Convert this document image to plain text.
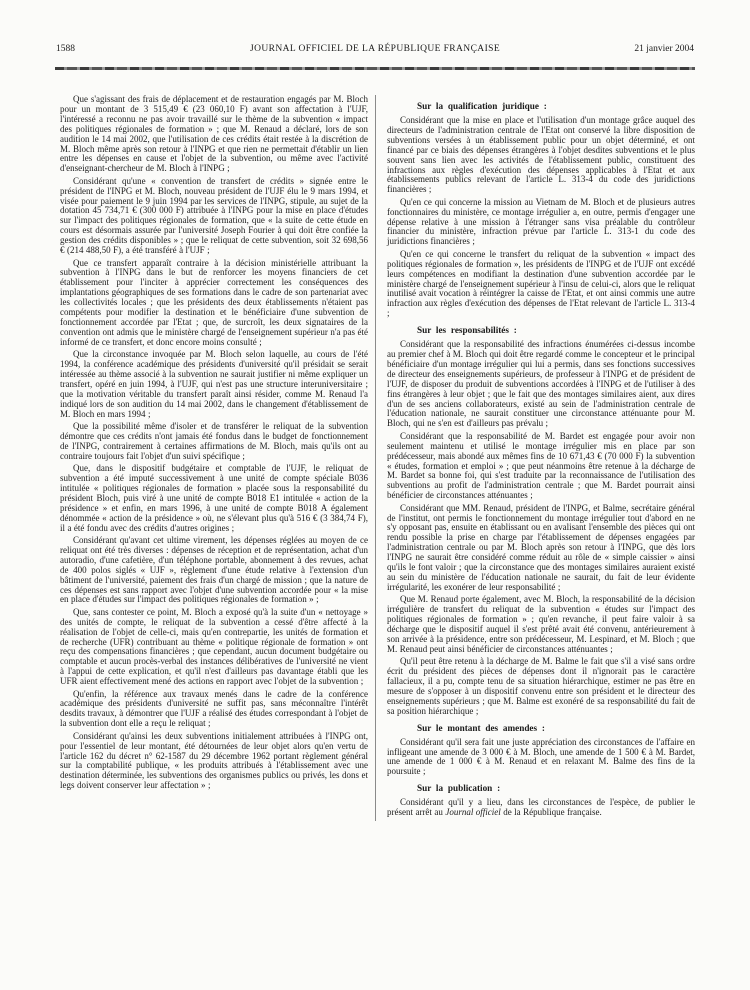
1588	JOURNAL OFFICIEL DE LA RÉPUBLIQUE FRANÇAISE	21 janvier 2004

Que s'agissant des frais de déplacement et de restauration engagés par M. Bloch pour un montant de 3 515,49 € (23 060,10 F) avant son affectation à l'UJF, l'intéressé a reconnu ne pas avoir travaillé sur le thème de la subvention « impact des politiques régionales de formation » ; que M. Renaud a déclaré, lors de son audition le 14 mai 2002, que l'utilisation de ces crédits était restée à la discrétion de M. Bloch même après son retour à l'INPG et que rien ne permettait d'établir un lien entre les dépenses en cause et l'objet de la subvention, ou même avec l'activité d'enseignant-chercheur de M. Bloch à l'INPG ;

Considérant qu'une « convention de transfert de crédits » signée entre le président de l'INPG et M. Bloch, nouveau président de l'UJF élu le 9 mars 1994, et visée pour paiement le 9 juin 1994 par les services de l'INPG, stipule, au sujet de la dotation 45 734,71 € (300 000 F) attribuée à l'INPG pour la mise en place d'études sur l'impact des politiques régionales de formation, que « la suite de cette étude en cours est désormais assurée par l'université Joseph Fourier à qui doit être confiée la gestion des crédits disponibles » ; que le reliquat de cette subvention, soit 32 698,56 € (214 488,50 F), a été transféré à l'UJF ;

Que ce transfert apparaît contraire à la décision ministérielle attribuant la subvention à l'INPG dans le but de renforcer les moyens financiers de cet établissement pour l'inciter à apprécier correctement les conséquences des implantations géographiques de ses formations dans le cadre de son partenariat avec les collectivités locales ; que les présidents des deux établissements n'étaient pas compétents pour modifier la destination et le bénéficiaire d'une subvention de fonctionnement accordée par l'Etat ; que, de surcroît, les deux signataires de la convention ont admis que le ministère chargé de l'enseignement supérieur n'a pas été informé de ce transfert, et donc encore moins consulté ;

Que la circonstance invoquée par M. Bloch selon laquelle, au cours de l'été 1994, la conférence académique des présidents d'université qu'il présidait se serait intéressée au thème associé à la subvention ne saurait justifier ni même expliquer un transfert, opéré en juin 1994, à l'UJF, qui n'est pas une structure interuniversitaire ; que la motivation véritable du transfert paraît ainsi résider, comme M. Renaud l'a indiqué lors de son audition du 14 mai 2002, dans le changement d'établissement de M. Bloch en mars 1994 ;

Que la possibilité même d'isoler et de transférer le reliquat de la subvention démontre que ces crédits n'ont jamais été fondus dans le budget de fonctionnement de l'INPG, contrairement à certaines affirmations de M. Bloch, mais qu'ils ont au contraire toujours fait l'objet d'un suivi spécifique ;

Que, dans le dispositif budgétaire et comptable de l'UJF, le reliquat de subvention a été imputé successivement à une unité de compte spéciale B036 intitulée « politiques régionales de formation » placée sous la responsabilité du président Bloch, puis viré à une unité de compte B018 E1 intitulée « action de la présidence » et enfin, en mars 1996, à une unité de compte B018 A également dénommée « action de la présidence » où, ne s'élevant plus qu'à 516 € (3 384,74 F), il a été fondu avec des crédits d'autres origines ;

Considérant qu'avant cet ultime virement, les dépenses réglées au moyen de ce reliquat ont été très diverses : dépenses de réception et de représentation, achat d'un autoradio, d'une cafetière, d'un téléphone portable, abonnement à des revues, achat de 400 polos siglés « UJF », règlement d'une étude relative à l'extension d'un bâtiment de l'université, paiement des frais d'un chargé de mission ; que la nature de ces dépenses est sans rapport avec l'objet d'une subvention accordée pour « la mise en place d'études sur l'impact des politiques régionales de formation » ;

Que, sans contester ce point, M. Bloch a exposé qu'à la suite d'un « nettoyage » des unités de compte, le reliquat de la subvention a cessé d'être affecté à la réalisation de l'objet de celle-ci, mais qu'en contrepartie, les unités de formation et de recherche (UFR) contribuant au thème « politique régionale de formation » ont reçu des compensations financières ; que cependant, aucun document budgétaire ou comptable et aucun procès-verbal des instances délibératives de l'université ne vient à l'appui de cette explication, et qu'il n'est d'ailleurs pas davantage établi que les UFR aient effectivement mené des actions en rapport avec l'objet de la subvention ;

Qu'enfin, la référence aux travaux menés dans le cadre de la conférence académique des présidents d'université ne suffit pas, sans méconnaître l'intérêt desdits travaux, à démontrer que l'UJF a réalisé des études correspondant à l'objet de la subvention dont elle a reçu le reliquat ;

Considérant qu'ainsi les deux subventions initialement attribuées à l'INPG ont, pour l'essentiel de leur montant, été détournées de leur objet alors qu'en vertu de l'article 162 du décret n° 62-1587 du 29 décembre 1962 portant règlement général sur la comptabilité publique, « les produits attribués à l'établissement avec une destination déterminée, les subventions des organismes publics ou privés, les dons et legs doivent conserver leur affectation » ;

Sur la qualification juridique :

Considérant que la mise en place et l'utilisation d'un montage grâce auquel des directeurs de l'administration centrale de l'Etat ont conservé la libre disposition de subventions versées à un établissement public pour un objet déterminé, et ont financé par ce biais des dépenses étrangères à l'objet desdites subventions et le plus souvent sans lien avec les activités de l'établissement public, constituent des infractions aux règles d'exécution des dépenses applicables à l'Etat et aux établissements publics relevant de l'article L. 313-4 du code des juridictions financières ;

Qu'en ce qui concerne la mission au Vietnam de M. Bloch et de plusieurs autres fonctionnaires du ministère, ce montage irrégulier a, en outre, permis d'engager une dépense relative à une mission à l'étranger sans visa préalable du contrôleur financier du ministère, infraction prévue par l'article L. 313-1 du code des juridictions financières ;

Qu'en ce qui concerne le transfert du reliquat de la subvention « impact des politiques régionales de formation », les présidents de l'INPG et de l'UJF ont excédé leurs compétences en modifiant la destination d'une subvention accordée par le ministère chargé de l'enseignement supérieur à l'insu de celui-ci, alors que le reliquat inutilisé avait vocation à réintégrer la caisse de l'Etat, et ont ainsi commis une autre infraction aux règles d'exécution des dépenses de l'Etat relevant de l'article L. 313-4 ;

Sur les responsabilités :

Considérant que la responsabilité des infractions énumérées ci-dessus incombe au premier chef à M. Bloch qui doit être regardé comme le concepteur et le principal bénéficiaire d'un montage irrégulier qui lui a permis, dans ses fonctions successives de directeur des enseignements supérieurs, de professeur à l'INPG et de président de l'UJF, de disposer du produit de subventions accordées à l'INPG et de l'utiliser à des fins étrangères à leur objet ; que le fait que des montages similaires aient, aux dires d'un de ses anciens collaborateurs, existé au sein de l'administration centrale de l'éducation nationale, ne saurait constituer une circonstance atténuante pour M. Bloch, qui ne s'en est d'ailleurs pas prévalu ;

Considérant que la responsabilité de M. Bardet est engagée pour avoir non seulement maintenu et utilisé le montage irrégulier mis en place par son prédécesseur, mais abondé aux mêmes fins de 10 671,43 € (70 000 F) la subvention « études, formation et emploi » ; que peut néanmoins être retenue à la décharge de M. Bardet sa bonne foi, qui s'est traduite par la reconnaissance de l'utilisation des subventions au profit de l'administration centrale ; que M. Bardet pourrait ainsi bénéficier de circonstances atténuantes ;

Considérant que MM. Renaud, président de l'INPG, et Balme, secrétaire général de l'institut, ont permis le fonctionnement du montage irrégulier tout d'abord en ne s'y opposant pas, ensuite en établissant ou en avalisant l'ensemble des pièces qui ont rendu possible la prise en charge par l'établissement de dépenses engagées par l'administration centrale ou par M. Bloch après son retour à l'INPG, que dès lors l'INPG ne saurait être considéré comme réduit au rôle de « simple caissier » ainsi qu'ils le font valoir ; que la circonstance que des montages similaires auraient existé au sein du ministère de l'éducation nationale ne saurait, du fait de leur évidente irrégularité, les exonérer de leur responsabilité ;

Que M. Renaud porte également, avec M. Bloch, la responsabilité de la décision irrégulière de transfert du reliquat de la subvention « études sur l'impact des politiques régionales de formation » ; qu'en revanche, il peut faire valoir à sa décharge que le dispositif auquel il s'est prêté avait été convenu, antérieurement à son arrivée à la présidence, entre son prédécesseur, M. Lespinard, et M. Bloch ; que M. Renaud peut ainsi bénéficier de circonstances atténuantes ;

Qu'il peut être retenu à la décharge de M. Balme le fait que s'il a visé sans ordre écrit du président des pièces de dépenses dont il n'ignorait pas le caractère fallacieux, il a pu, compte tenu de sa situation hiérarchique, estimer ne pas être en mesure de s'opposer à un dispositif convenu entre son président et le directeur des enseignements supérieurs ; que M. Balme est exonéré de sa responsabilité du fait de sa position hiérarchique ;

Sur le montant des amendes :

Considérant qu'il sera fait une juste appréciation des circonstances de l'affaire en infligeant une amende de 3 000 € à M. Bloch, une amende de 1 500 € à M. Bardet, une amende de 1 000 € à M. Renaud et en relaxant M. Balme des fins de la poursuite ;

Sur la publication :

Considérant qu'il y a lieu, dans les circonstances de l'espèce, de publier le présent arrêt au Journal officiel de la République française.
